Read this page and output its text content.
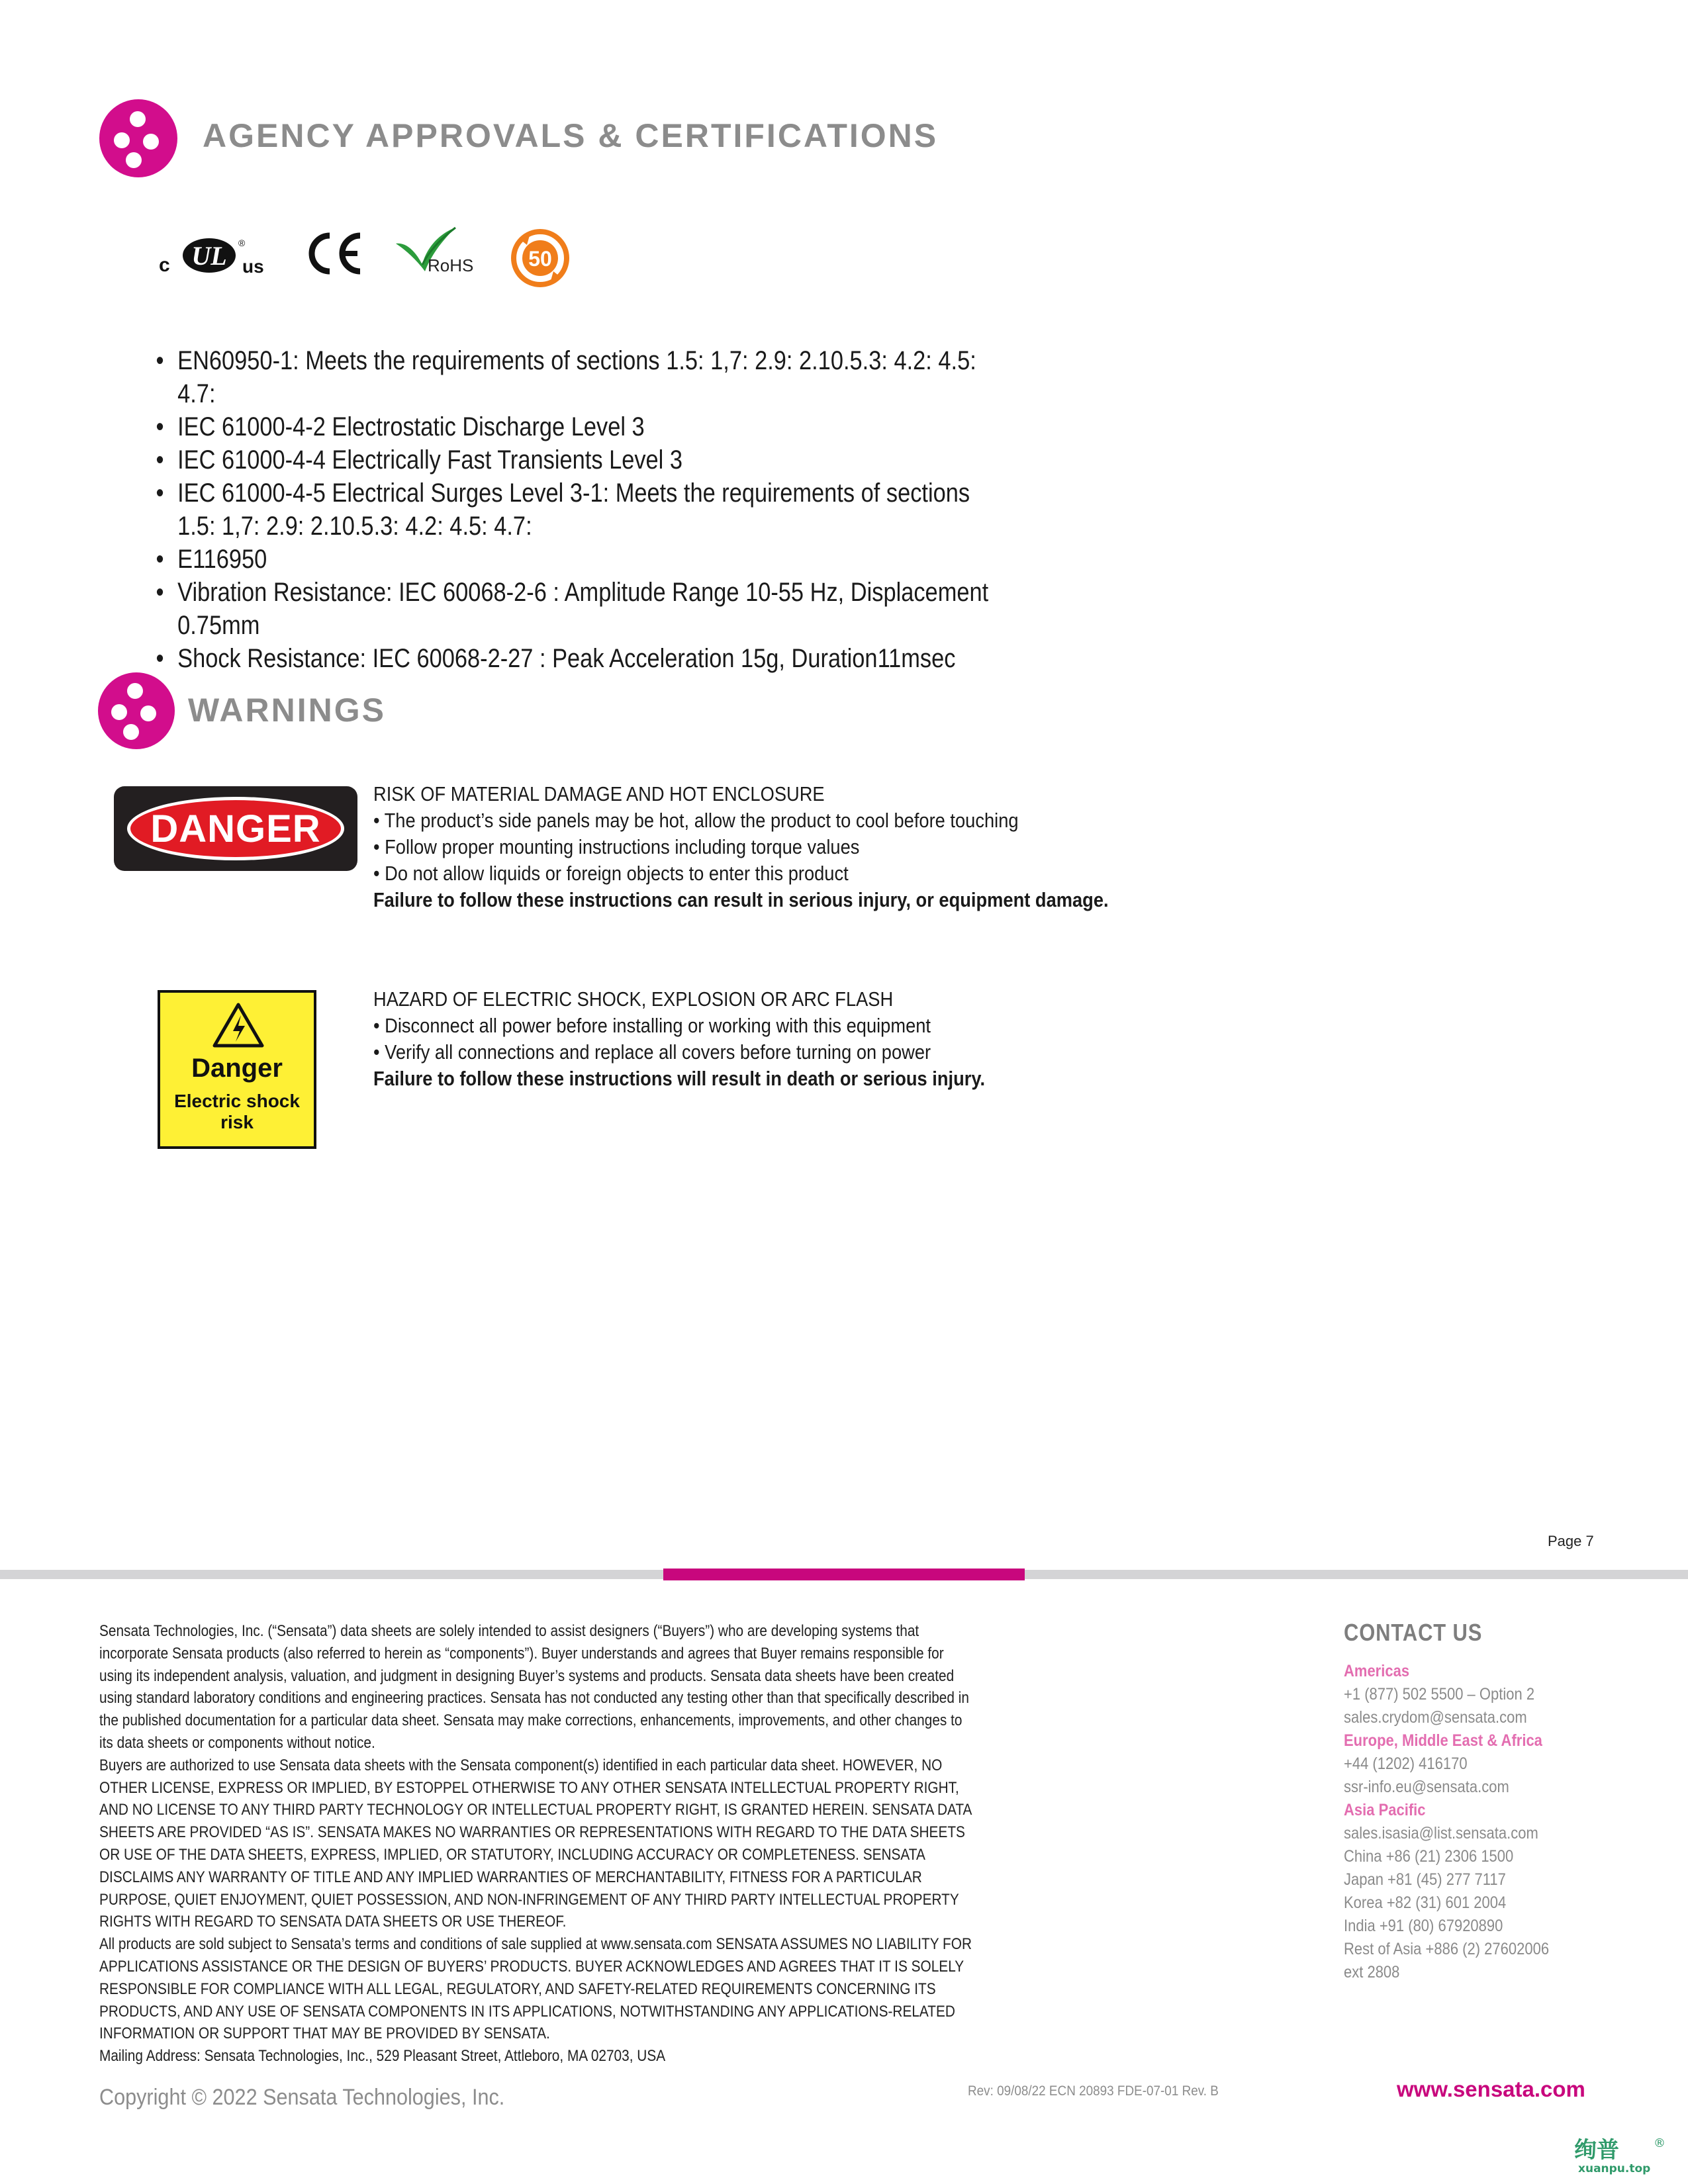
AGENCY APPROVALS & CERTIFICATIONS
c UL ®
us
CE
RoHS	50
• EN60950-1: Meets the requirements of sections 1.5: 1,7: 2.9: 2.10.5.3: 4.2: 4.5: 4.7:
• IEC 61000-4-2 Electrostatic Discharge Level 3
• IEC 61000-4-4 Electrically Fast Transients Level 3
• IEC 61000-4-5 Electrical Surges Level 3-1: Meets the requirements of sections 1.5: 1,7: 2.9: 2.10.5.3: 4.2: 4.5: 4.7:
• E116950
• Vibration Resistance: IEC 60068-2-6 : Amplitude Range 10-55 Hz, Displacement 0.75mm
• Shock Resistance: IEC 60068-2-27 : Peak Acceleration 15g, Duration11msec
WARNINGS
DANGER
RISK OF MATERIAL DAMAGE AND HOT ENCLOSURE
• The product’s side panels may be hot, allow the product to cool before touching
• Follow proper mounting instructions including torque values
• Do not allow liquids or foreign objects to enter this product
Failure to follow these instructions can result in serious injury, or equipment damage.
Danger
Electric shock
risk
HAZARD OF ELECTRIC SHOCK, EXPLOSION OR ARC FLASH
• Disconnect all power before installing or working with this equipment
• Verify all connections and replace all covers before turning on power
Failure to follow these instructions will result in death or serious injury.
Page 7

Sensata Technologies, Inc. (“Sensata”) data sheets are solely intended to assist designers (“Buyers”) who are developing systems that incorporate Sensata products (also referred to herein as “components”). Buyer understands and agrees that Buyer remains responsible for using its independent analysis, valuation, and judgment in designing Buyer’s systems and products. Sensata data sheets have been created using standard laboratory conditions and engineering practices. Sensata has not conducted any testing other than that specifically described in the published documentation for a particular data sheet. Sensata may make corrections, enhancements, improvements, and other changes to its data sheets or components without notice.

Buyers are authorized to use Sensata data sheets with the Sensata component(s) identified in each particular data sheet. HOWEVER, NO OTHER LICENSE, EXPRESS OR IMPLIED, BY ESTOPPEL OTHERWISE TO ANY OTHER SENSATA INTELLECTUAL PROPERTY RIGHT, AND NO LICENSE TO ANY THIRD PARTY TECHNOLOGY OR INTELLECTUAL PROPERTY RIGHT, IS GRANTED HEREIN. SENSATA DATA SHEETS ARE PROVIDED “AS IS”. SENSATA MAKES NO WARRANTIES OR REPRESENTATIONS WITH REGARD TO THE DATA SHEETS OR USE OF THE DATA SHEETS, EXPRESS, IMPLIED, OR STATUTORY, INCLUDING ACCURACY OR COMPLETENESS. SENSATA DISCLAIMS ANY WARRANTY OF TITLE AND ANY IMPLIED WARRANTIES OF MERCHANTABILITY, FITNESS FOR A PARTICULAR PURPOSE, QUIET ENJOYMENT, QUIET POSSESSION, AND NON-INFRINGEMENT OF ANY THIRD PARTY INTELLECTUAL PROPERTY RIGHTS WITH REGARD TO SENSATA DATA SHEETS OR USE THEREOF.

All products are sold subject to Sensata’s terms and conditions of sale supplied at www.sensata.com SENSATA ASSUMES NO LIABILITY FOR APPLICATIONS ASSISTANCE OR THE DESIGN OF BUYERS’ PRODUCTS. BUYER ACKNOWLEDGES AND AGREES THAT IT IS SOLELY RESPONSIBLE FOR COMPLIANCE WITH ALL LEGAL, REGULATORY, AND SAFETY-RELATED REQUIREMENTS CONCERNING ITS PRODUCTS, AND ANY USE OF SENSATA COMPONENTS IN ITS APPLICATIONS, NOTWITHSTANDING ANY APPLICATIONS-RELATED INFORMATION OR SUPPORT THAT MAY BE PROVIDED BY SENSATA.

Mailing Address: Sensata Technologies, Inc., 529 Pleasant Street, Attleboro, MA 02703, USA

CONTACT US
Americas
+1 (877) 502 5500 – Option 2
sales.crydom@sensata.com
Europe, Middle East & Africa
+44 (1202) 416170
ssr-info.eu@sensata.com
Asia Pacific
sales.isasia@list.sensata.com
China +86 (21) 2306 1500
Japan +81 (45) 277 7117
Korea +82 (31) 601 2004
India +91 (80) 67920890
Rest of Asia +886 (2) 27602006
ext 2808
Copyright © 2022 Sensata Technologies, Inc.	Rev: 09/08/22 ECN 20893 FDE-07-01 Rev. B	www.sensata.com
绚普	®
xuanpu.top
